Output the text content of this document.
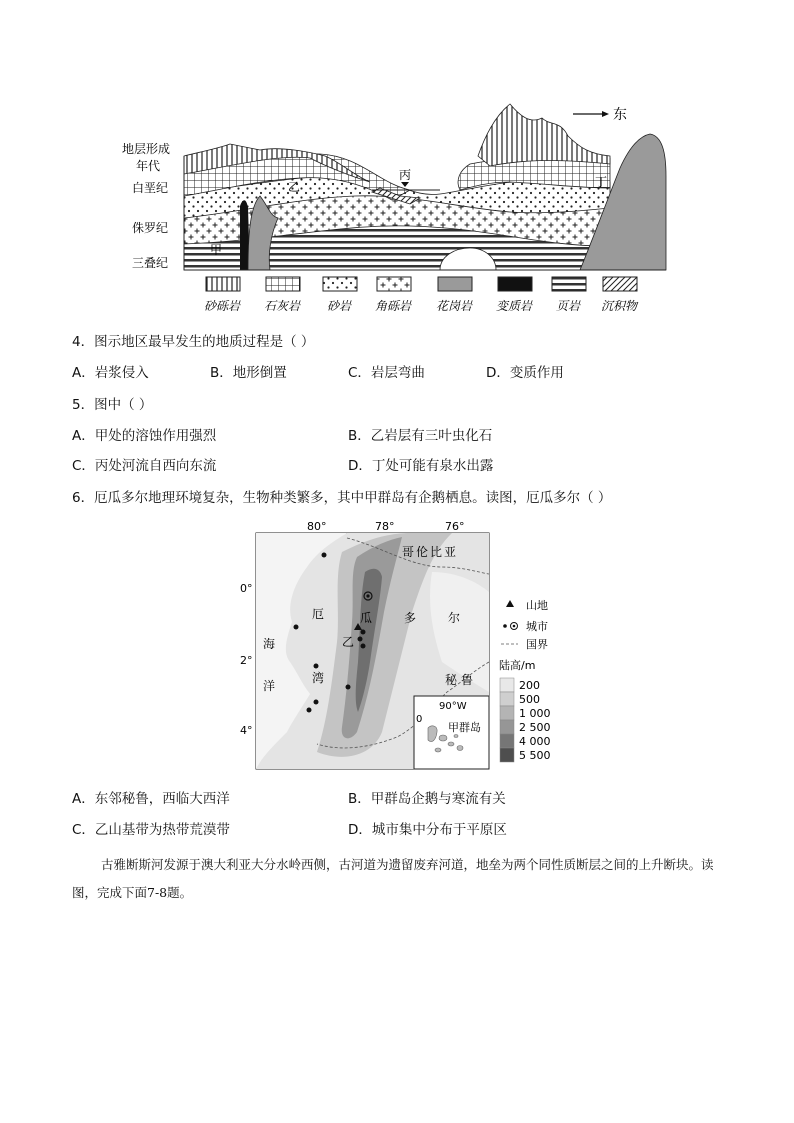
东
地层形成
年代
白垩纪
侏罗纪
三叠纪
甲
乙
丙	丁
砂砾岩 石灰岩 砂岩 角砾岩 花岗岩 变质岩 页岩 沉积物
4．图示地区最早发生的地质过程是（ ）
A．岩浆侵入	B．地形倒置	C．岩层弯曲	D．变质作用
5．图中（ ）
A．甲处的溶蚀作用强烈	B．乙岩层有三叶虫化石
C．丙处河流自西向东流	D．丁处可能有泉水出露
6．厄瓜多尔地理环境复杂，生物种类繁多，其中甲群岛有企鹅栖息。读图，厄瓜多尔（ ）
80°	78°	76°
0°
2°
4°
哥伦比亚
厄	瓜	多	尔
海
洋
乙
湾	秘鲁
90°W
0
甲群岛
山地
城市
国界
陆高/m
200
500
1 000
2 500
4 000
5 500
A．东邻秘鲁，西临大西洋	B．甲群岛企鹅与寒流有关
C．乙山基带为热带荒漠带	D．城市集中分布于平原区
古雅断斯河发源于澳大利亚大分水岭西侧，古河道为遗留废弃河道，地垒为两个同性质断层之间的上升断块。读图，完成下面7-8题。
